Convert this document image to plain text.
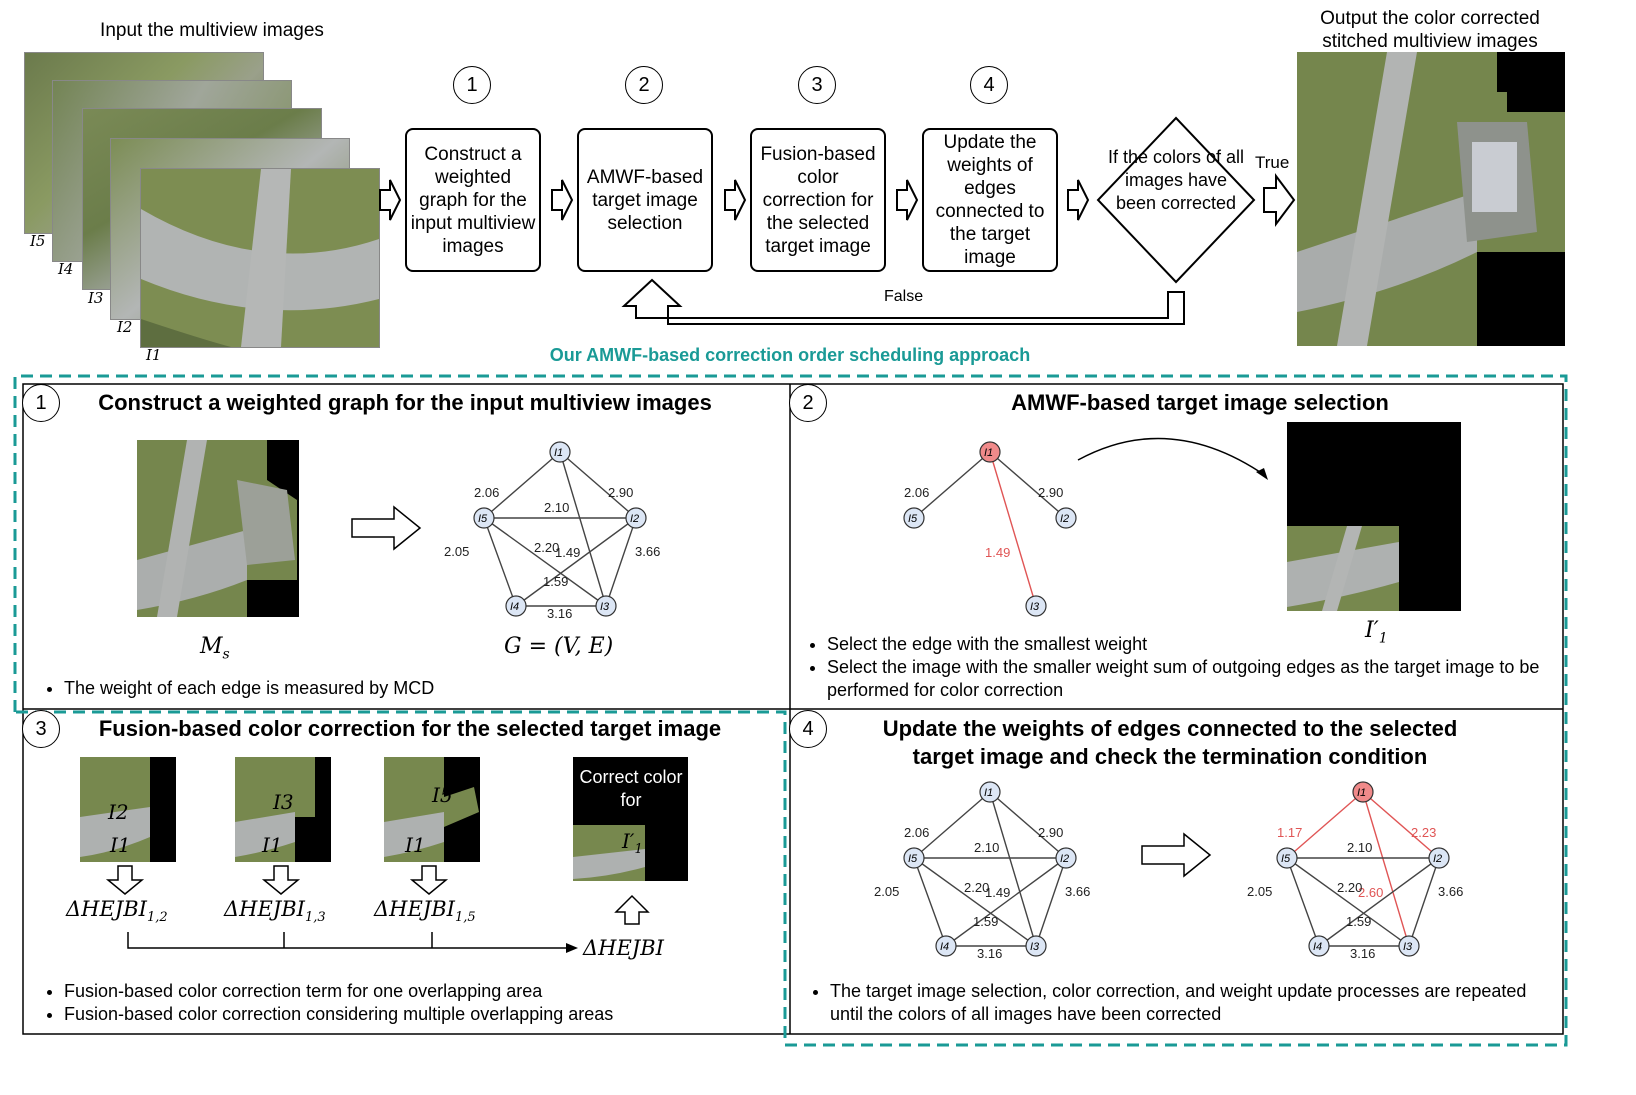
Input the multiview images
I5
I4
I3
I2
I1
1	2	3	4
Construct a weighted graph for the input multiview images
AMWF-based target image selection
Fusion-based color correction for the selected target image
Update the weights of edges connected to the target image
If the colors of all images have been corrected
True
False
Output the color corrected
stitched multiview images
Our AMWF-based correction order scheduling approach
1	Construct a weighted graph for the input multiview images
$M_s$
2.06	2.90
1.49
2.10
2.20
1.59
2.05	3.66
3.16
I1
I2
I3
I4
I5
G = (V, E)
• The weight of each edge is measured by MCD
2	AMWF-based target image selection
2.06	2.90
1.49
I1
I2
I3
I5
$I'_1$
• Select the edge with the smallest weight
• Select the image with the smaller weight sum of outgoing edges as the target image to be performed for color correction
3	Fusion-based color correction for the selected target image
I2
I1
I3
I1
I5
I1
Correct color for
$I'_1$
$\Delta HEJBI_{1,2}$	$\Delta HEJBI_{1,3}$ $\Delta HEJBI_{1,5}$
ΔHEJBI
• Fusion-based color correction term for one overlapping area
• Fusion-based color correction considering multiple overlapping areas
4	Update the weights of edges connected to the selected
target image and check the termination condition
2.06	2.90
1.49
2.10
2.20
1.59
2.05	3.66
3.16
I1
I2
I3
I4
I5
1.17	2.23
2.60
2.10
2.20
1.59
2.05	3.66
3.16
I1
I2
I3
I4
I5
• The target image selection, color correction, and weight update processes are repeated until the colors of all images have been corrected
